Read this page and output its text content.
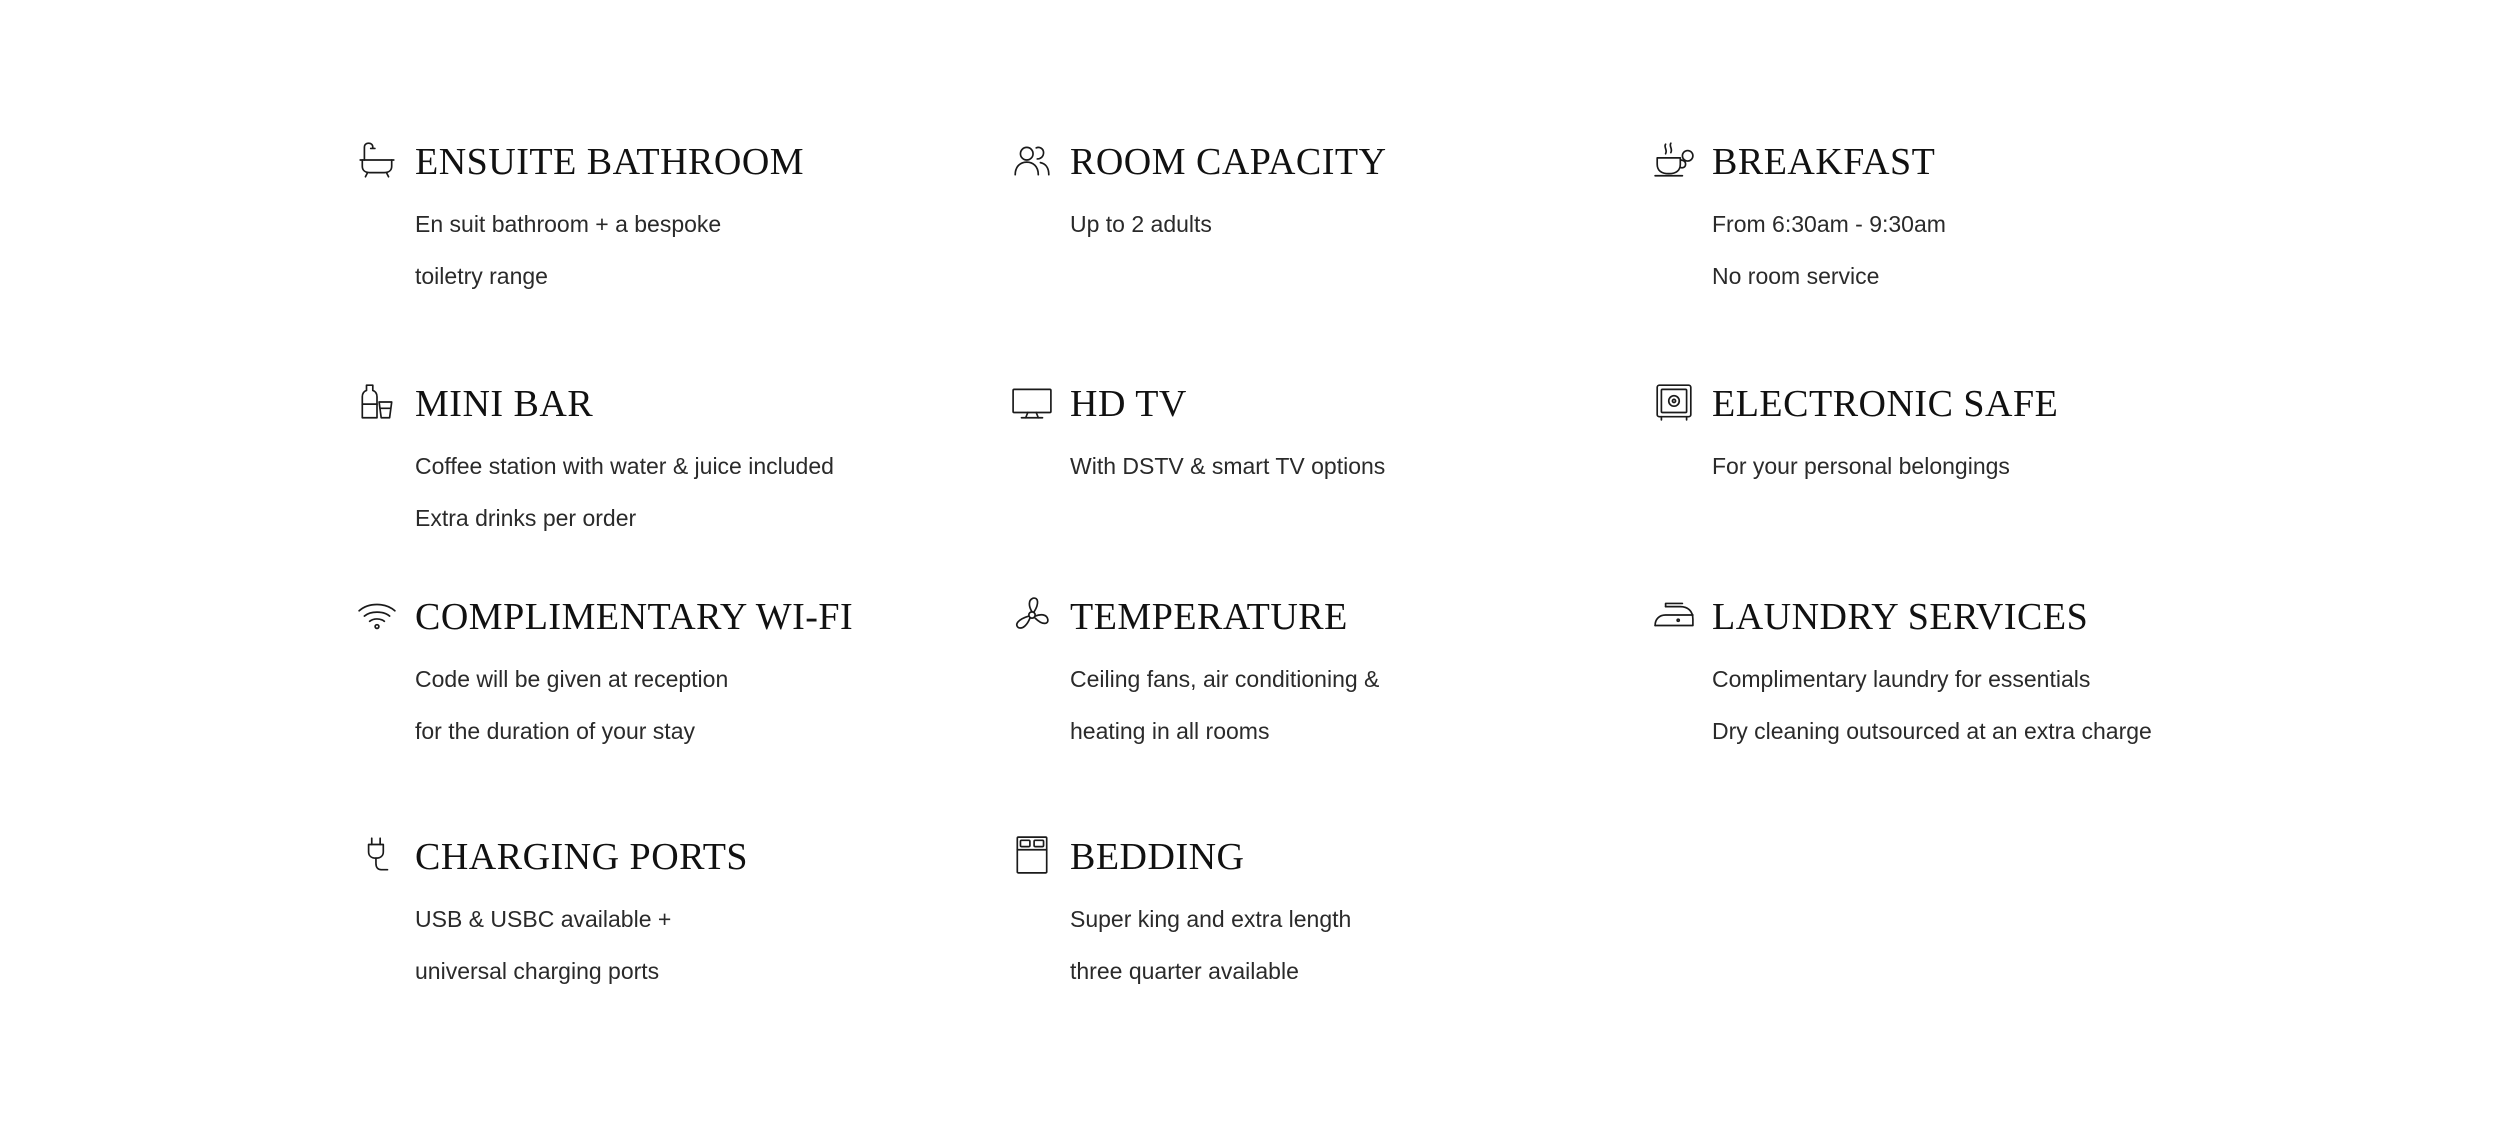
ENSUITE BATHROOM
En suit bathroom + a bespoke
toiletry range
ROOM CAPACITY
Up to 2 adults
BREAKFAST
From 6:30am - 9:30am
No room service
MINI BAR
Coffee station with water & juice included
Extra drinks per order
HD TV
With DSTV & smart TV options
ELECTRONIC SAFE
For your personal belongings
COMPLIMENTARY WI-FI
Code will be given at reception
for the duration of your stay
TEMPERATURE
Ceiling fans, air conditioning &
heating in all rooms
LAUNDRY SERVICES
Complimentary laundry for essentials
Dry cleaning outsourced at an extra charge
CHARGING PORTS
USB & USBC available +
universal charging ports
BEDDING
Super king and extra length
three quarter available
